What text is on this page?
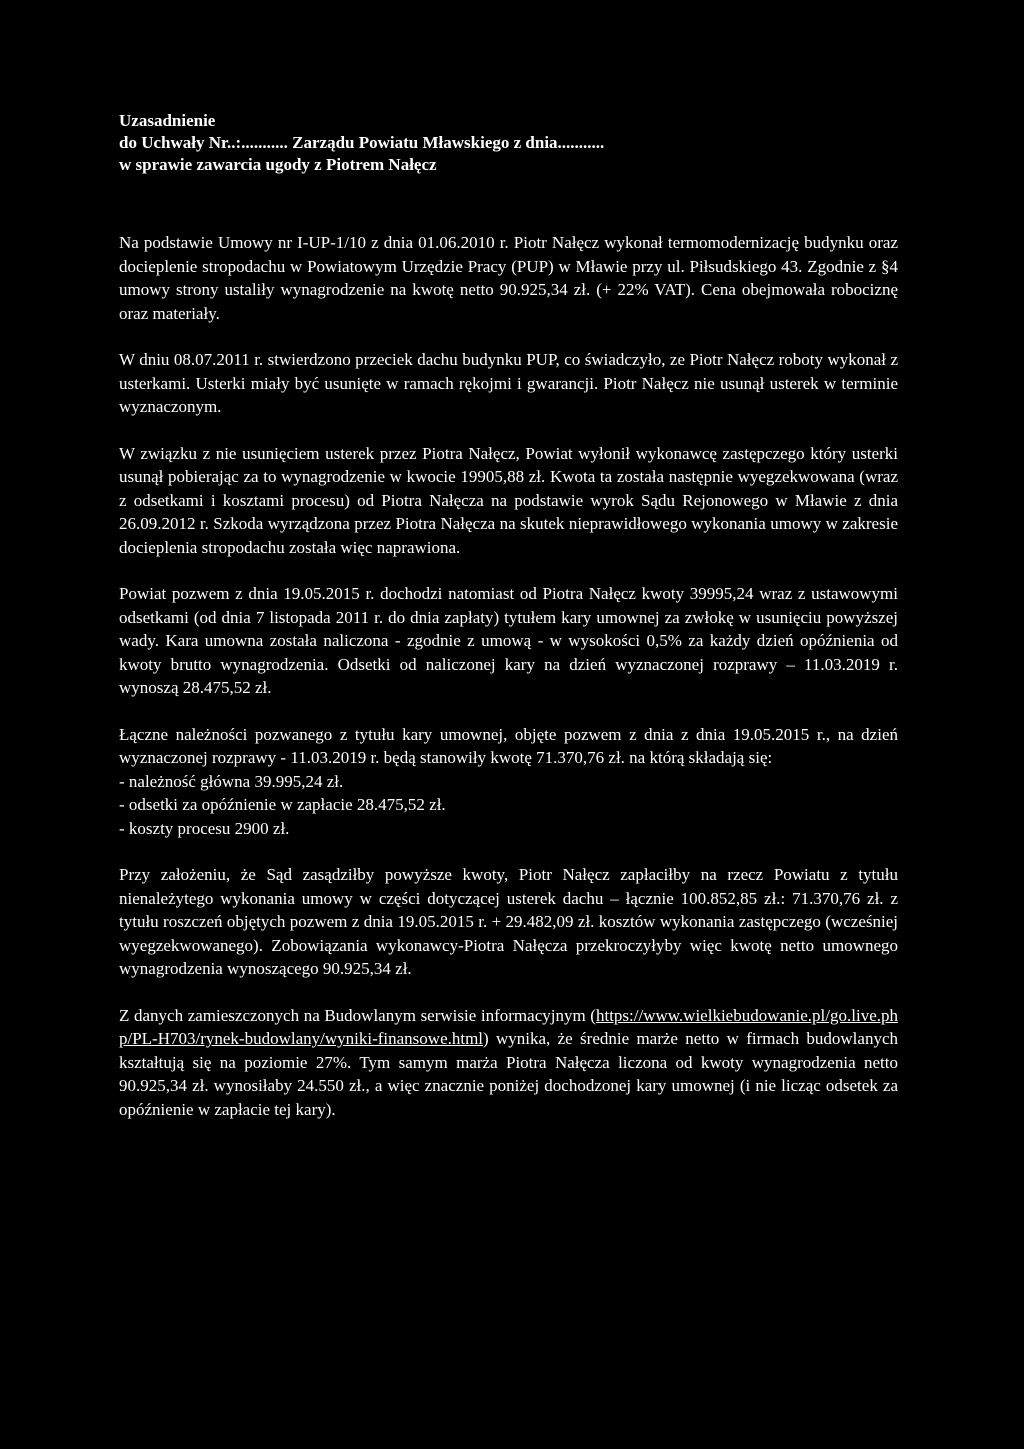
Uzasadnienie
do Uchwały Nr..:........... Zarządu Powiatu Mławskiego z dnia...........
w sprawie zawarcia ugody z Piotrem Nałęcz

Na podstawie Umowy nr I-UP-1/10 z dnia 01.06.2010 r. Piotr Nałęcz wykonał termomodernizację budynku oraz docieplenie stropodachu w Powiatowym Urzędzie Pracy (PUP) w Mławie przy ul. Piłsudskiego 43. Zgodnie z §4 umowy strony ustaliły wynagrodzenie na kwotę netto 90.925,34 zł. (+ 22% VAT). Cena obejmowała robociznę oraz materiały.

W dniu 08.07.2011 r. stwierdzono przeciek dachu budynku PUP, co świadczyło, ze Piotr Nałęcz roboty wykonał z usterkami. Usterki miały być usunięte w ramach rękojmi i gwarancji. Piotr Nałęcz nie usunął usterek w terminie wyznaczonym.

W związku z nie usunięciem usterek przez Piotra Nałęcz, Powiat wyłonił wykonawcę zastępczego który usterki usunął pobierając za to wynagrodzenie w kwocie 19905,88 zł. Kwota ta została następnie wyegzekwowana (wraz z odsetkami i kosztami procesu) od Piotra Nałęcza na podstawie wyrok Sądu Rejonowego w Mławie z dnia 26.09.2012 r. Szkoda wyrządzona przez Piotra Nałęcza na skutek nieprawidłowego wykonania umowy w zakresie docieplenia stropodachu została więc naprawiona.

Powiat pozwem z dnia 19.05.2015 r. dochodzi natomiast od Piotra Nałęcz kwoty 39995,24 wraz z ustawowymi odsetkami (od dnia 7 listopada 2011 r. do dnia zapłaty) tytułem kary umownej za zwłokę w usunięciu powyższej wady. Kara umowna została naliczona - zgodnie z umową - w wysokości 0,5% za każdy dzień opóźnienia od kwoty brutto wynagrodzenia. Odsetki od naliczonej kary na dzień wyznaczonej rozprawy – 11.03.2019 r. wynoszą 28.475,52 zł.

Łączne należności pozwanego z tytułu kary umownej, objęte pozwem z dnia z dnia 19.05.2015 r., na dzień wyznaczonej rozprawy - 11.03.2019 r. będą stanowiły kwotę 71.370,76 zł. na którą składają się:

- należność główna 39.995,24 zł.
- odsetki za opóźnienie w zapłacie 28.475,52 zł.
- koszty procesu 2900 zł.

Przy założeniu, że Sąd zasądziłby powyższe kwoty, Piotr Nałęcz zapłaciłby na rzecz Powiatu z tytułu nienależytego wykonania umowy w części dotyczącej usterek dachu – łącznie 100.852,85 zł.: 71.370,76 zł. z tytułu roszczeń objętych pozwem z dnia 19.05.2015 r. + 29.482,09 zł. kosztów wykonania zastępczego (wcześniej wyegzekwowanego). Zobowiązania wykonawcy-Piotra Nałęcza przekroczyłyby więc kwotę netto umownego wynagrodzenia wynoszącego 90.925,34 zł.

Z danych zamieszczonych na Budowlanym serwisie informacyjnym (https://www.wielkiebudowanie.pl/go.live.php/PL-H703/rynek-budowlany/wyniki-finansowe.html) wynika, że średnie marże netto w firmach budowlanych kształtują się na poziomie 27%. Tym samym marża Piotra Nałęcza liczona od kwoty wynagrodzenia netto 90.925,34 zł. wynosiłaby 24.550 zł., a więc znacznie poniżej dochodzonej kary umownej (i nie licząc odsetek za opóźnienie w zapłacie tej kary).
